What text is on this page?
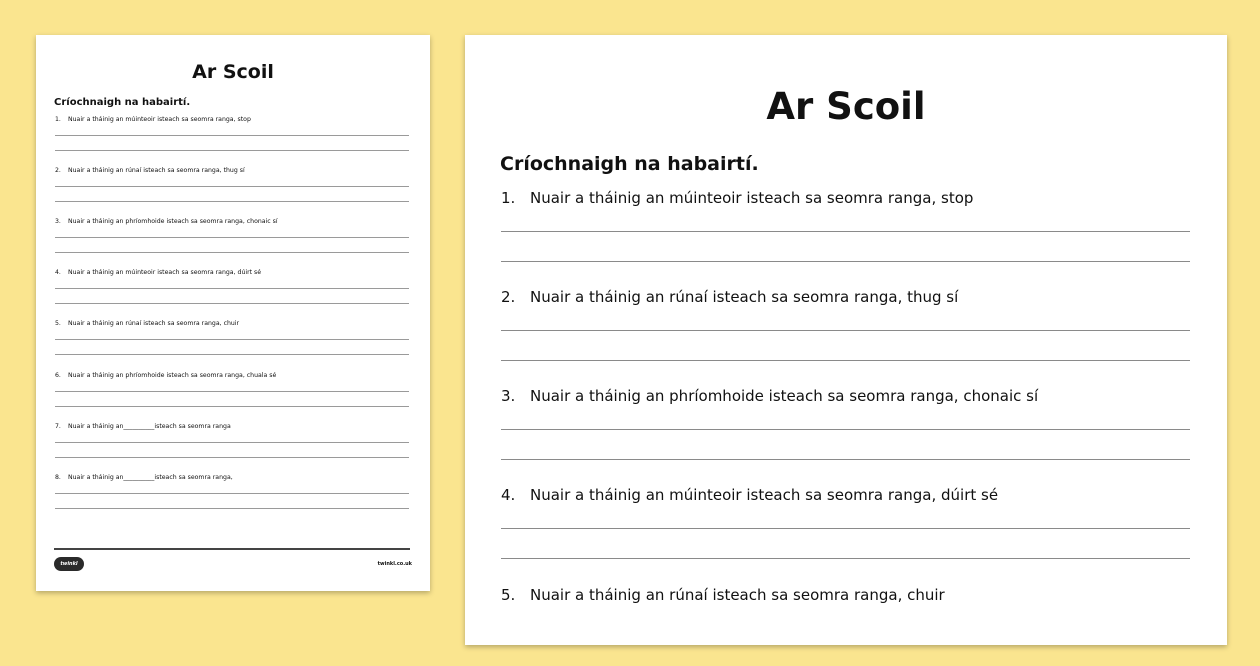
Ar Scoil
Críochnaigh na habairtí.
1. Nuair a tháinig an múinteoir isteach sa seomra ranga, stop
2. Nuair a tháinig an rúnaí isteach sa seomra ranga, thug sí
3. Nuair a tháinig an phríomhoide isteach sa seomra ranga, chonaic sí
4. Nuair a tháinig an múinteoir isteach sa seomra ranga, dúirt sé
5. Nuair a tháinig an rúnaí isteach sa seomra ranga, chuir
6. Nuair a tháinig an phríomhoide isteach sa seomra ranga, chuala sé
7. Nuair a tháinig an__________isteach sa seomra ranga
8. Nuair a tháinig an__________isteach sa seomra ranga,
twinkl	twinkl.co.uk
Ar Scoil
Críochnaigh na habairtí.
1. Nuair a tháinig an múinteoir isteach sa seomra ranga, stop
2. Nuair a tháinig an rúnaí isteach sa seomra ranga, thug sí
3. Nuair a tháinig an phríomhoide isteach sa seomra ranga, chonaic sí
4. Nuair a tháinig an múinteoir isteach sa seomra ranga, dúirt sé
5. Nuair a tháinig an rúnaí isteach sa seomra ranga, chuir
